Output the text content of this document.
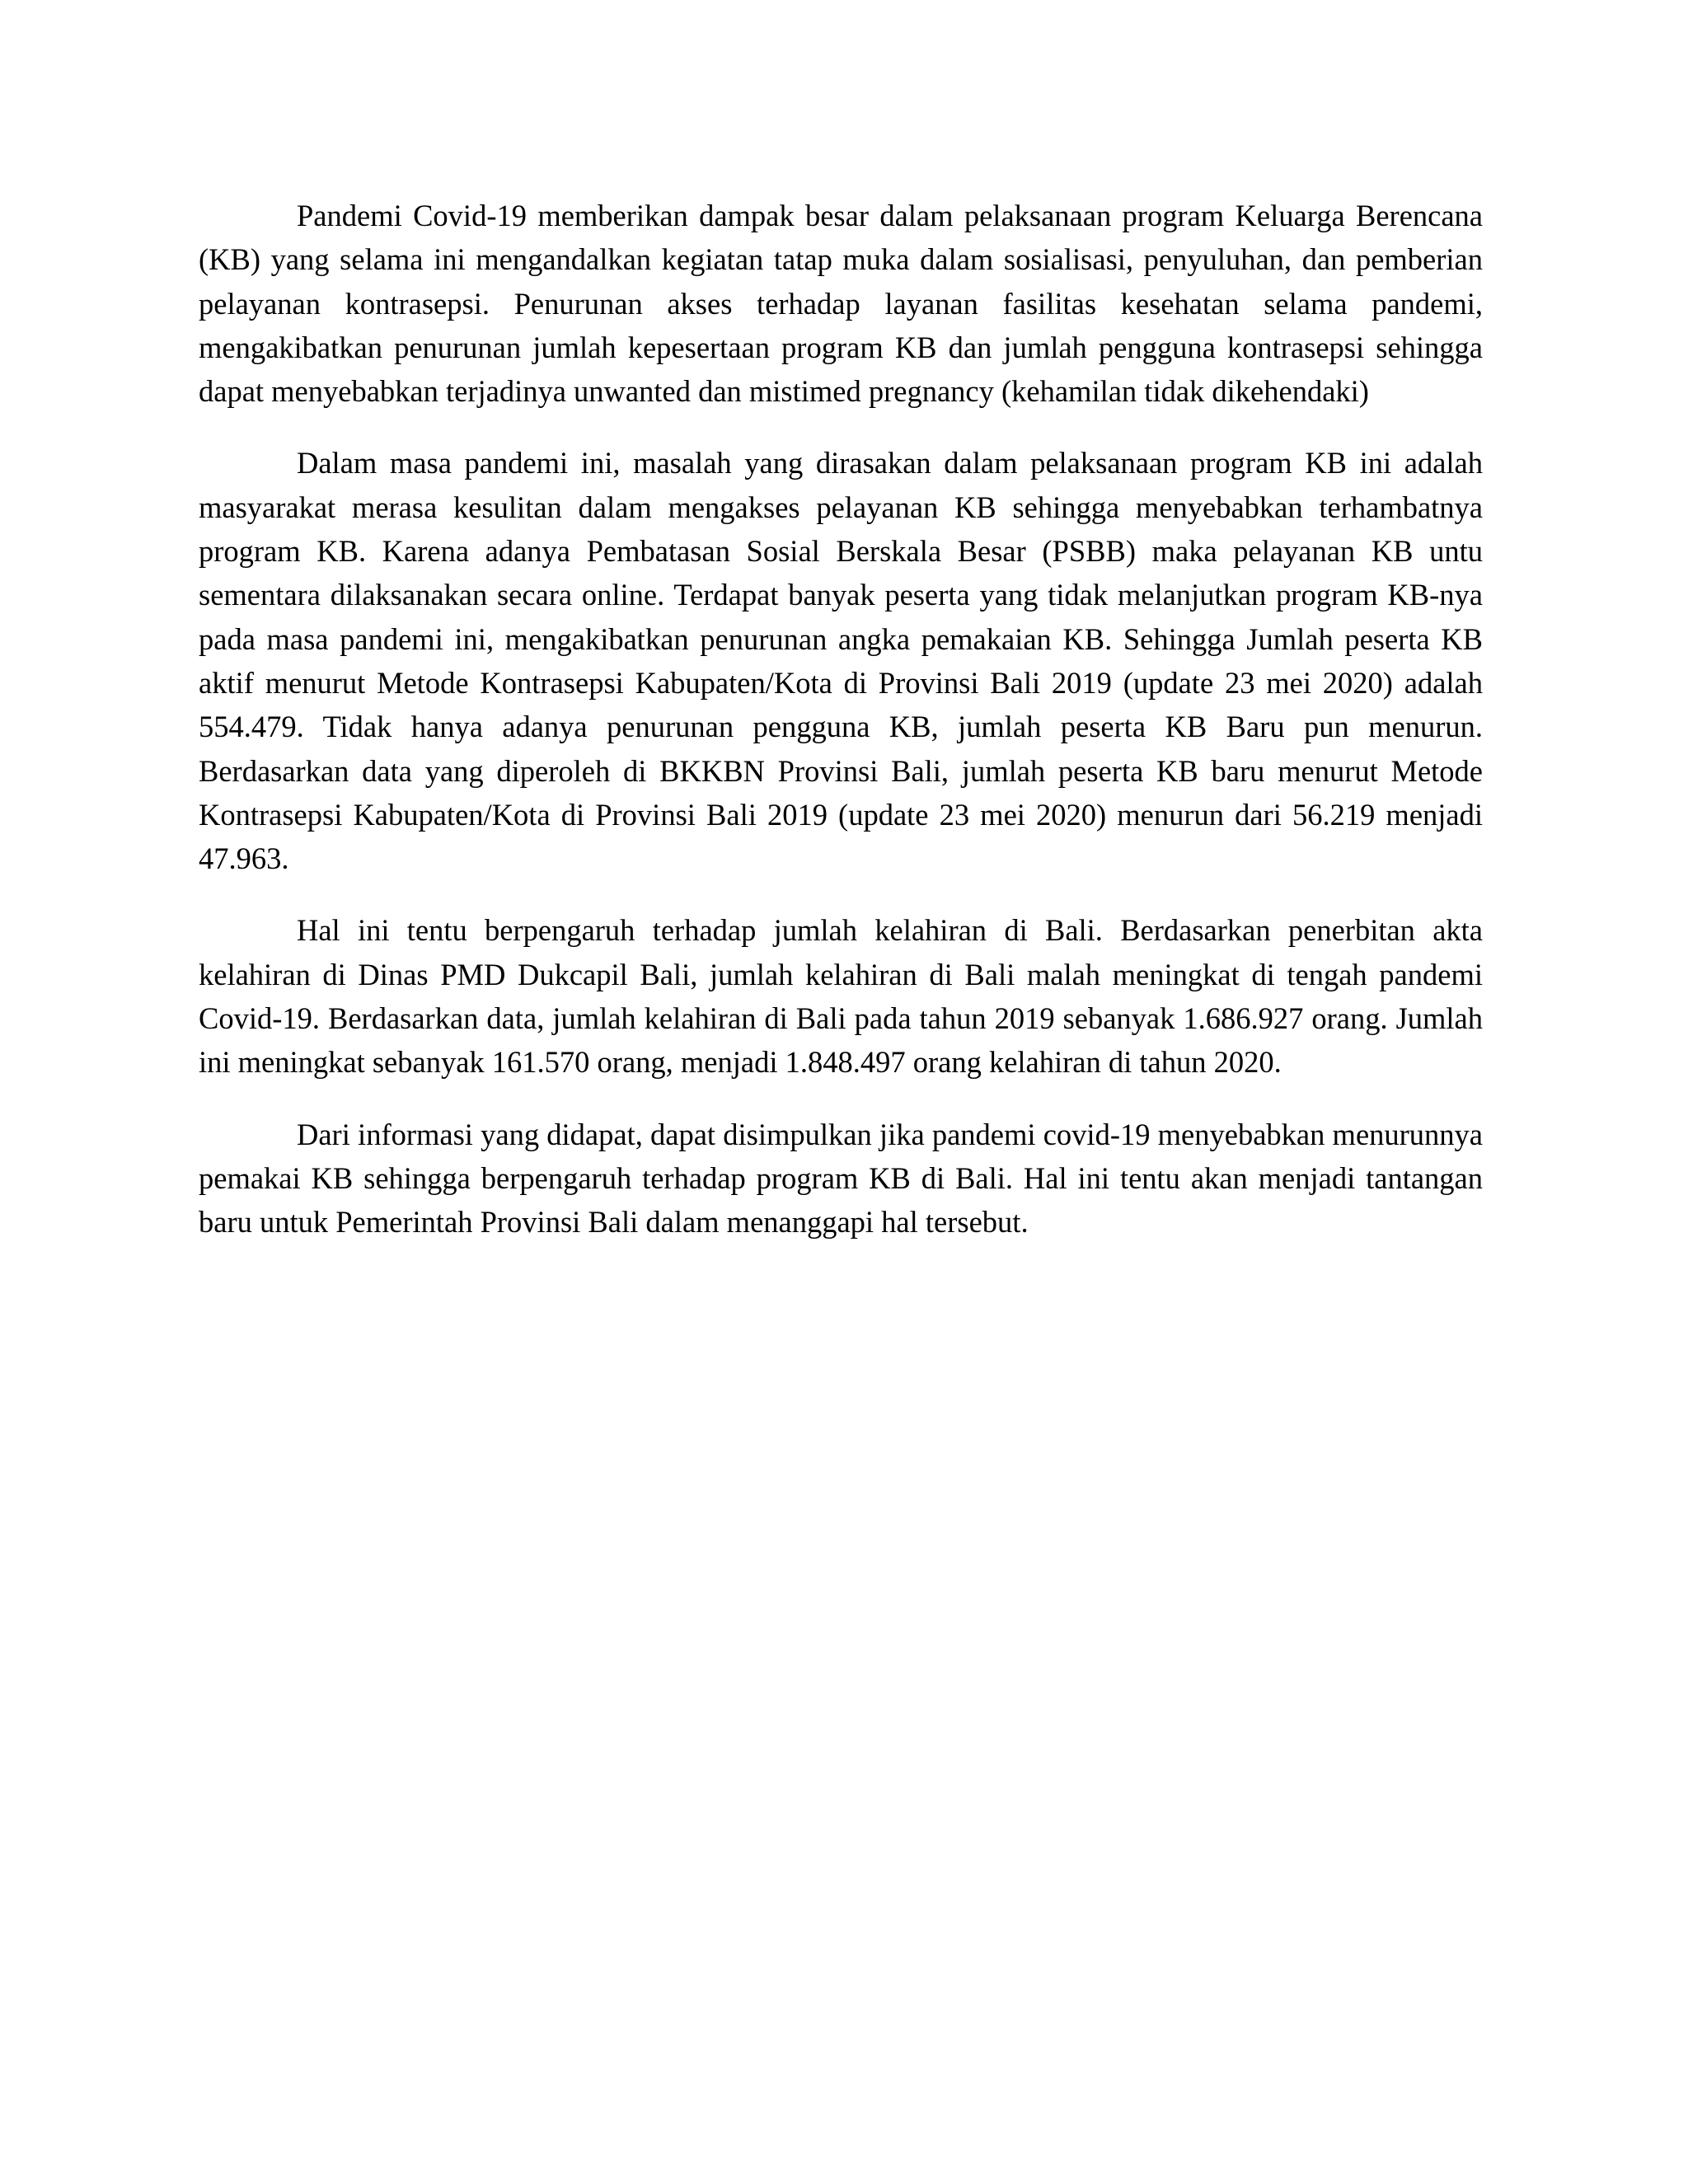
Pandemi Covid-19 memberikan dampak besar dalam pelaksanaan program Keluarga Berencana (KB) yang selama ini mengandalkan kegiatan tatap muka dalam sosialisasi, penyuluhan, dan pemberian pelayanan kontrasepsi. Penurunan akses terhadap layanan fasilitas kesehatan selama pandemi, mengakibatkan penurunan jumlah kepesertaan program KB dan jumlah pengguna kontrasepsi sehingga dapat menyebabkan terjadinya unwanted dan mistimed pregnancy (kehamilan tidak dikehendaki)

Dalam masa pandemi ini, masalah yang dirasakan dalam pelaksanaan program KB ini adalah masyarakat merasa kesulitan dalam mengakses pelayanan KB sehingga menyebabkan terhambatnya program KB. Karena adanya Pembatasan Sosial Berskala Besar (PSBB) maka pelayanan KB untu sementara dilaksanakan secara online. Terdapat banyak peserta yang tidak melanjutkan program KB-nya pada masa pandemi ini, mengakibatkan penurunan angka pemakaian KB. Sehingga Jumlah peserta KB aktif menurut Metode Kontrasepsi Kabupaten/Kota di Provinsi Bali 2019 (update 23 mei 2020) adalah 554.479. Tidak hanya adanya penurunan pengguna KB, jumlah peserta KB Baru pun menurun. Berdasarkan data yang diperoleh di BKKBN Provinsi Bali, jumlah peserta KB baru menurut Metode Kontrasepsi Kabupaten/Kota di Provinsi Bali 2019 (update 23 mei 2020) menurun dari 56.219 menjadi 47.963.

Hal ini tentu berpengaruh terhadap jumlah kelahiran di Bali. Berdasarkan penerbitan akta kelahiran di Dinas PMD Dukcapil Bali, jumlah kelahiran di Bali malah meningkat di tengah pandemi Covid-19. Berdasarkan data, jumlah kelahiran di Bali pada tahun 2019 sebanyak 1.686.927 orang. Jumlah ini meningkat sebanyak 161.570 orang, menjadi 1.848.497 orang kelahiran di tahun 2020.

Dari informasi yang didapat, dapat disimpulkan jika pandemi covid-19 menyebabkan menurunnya pemakai KB sehingga berpengaruh terhadap program KB di Bali. Hal ini tentu akan menjadi tantangan baru untuk Pemerintah Provinsi Bali dalam menanggapi hal tersebut.
